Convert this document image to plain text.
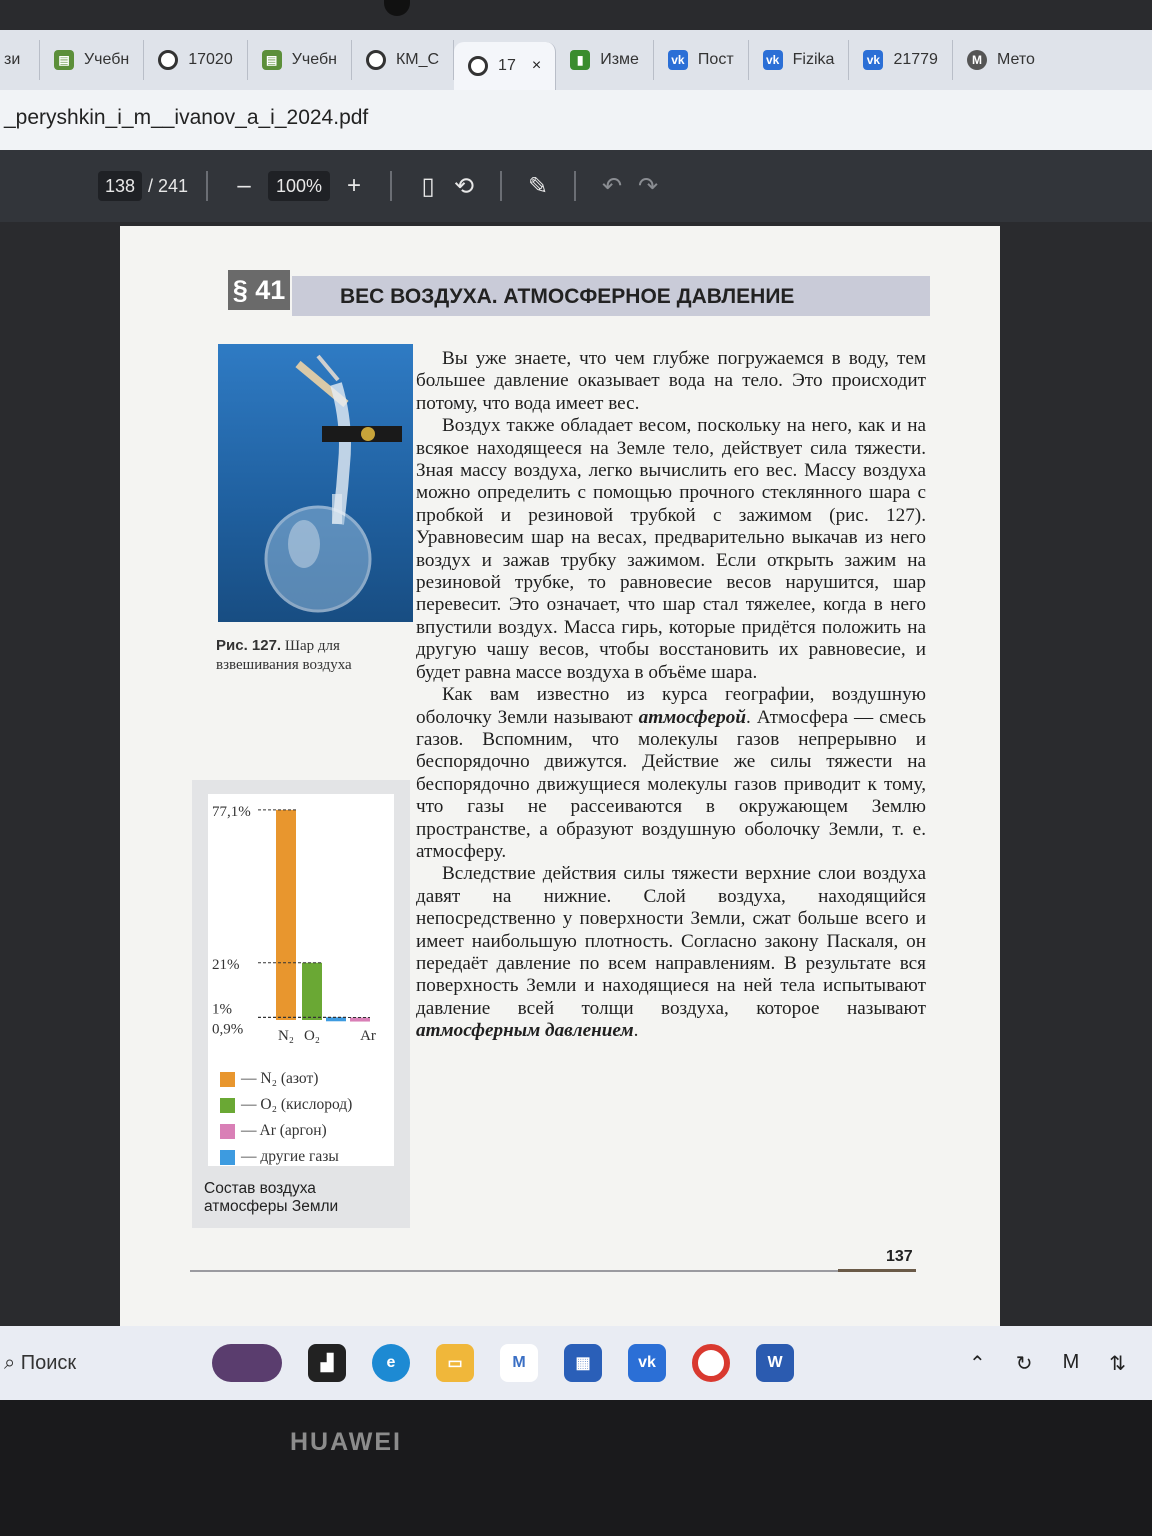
зи	▤ Учебн	17020	▤ Учебн	КМ_С	17 ×	▮	Изме	vk Пост	vk Fizika	vk 21779	M Мето
_peryshkin_i_m__ivanov_a_i_2024.pdf
138 / 241	–	100%	+	▯ ⟲	✎	↶ ↷
§ 41	ВЕС ВОЗДУХА. АТМОСФЕРНОЕ ДАВЛЕНИЕ
Рис. 127. Шар для взвешивания воздуха

Вы уже знаете, что чем глубже погружаемся в воду, тем большее давление оказывает вода на тело. Это происходит потому, что вода имеет вес.

Воздух также обладает весом, поскольку на него, как и на всякое находящееся на Земле тело, действует сила тяжести. Зная массу воздуха, легко вычислить его вес. Массу воздуха можно определить с помощью прочного стеклянного шара с пробкой и резиновой трубкой с зажимом (рис. 127). Уравновесим шар на весах, предварительно выкачав из него воздух и зажав трубку зажимом. Если открыть зажим на резиновой трубке, то равновесие весов нарушится, шар перевесит. Это означает, что шар стал тяжелее, когда в него впустили воздух. Масса гирь, которые придётся положить на другую чашу весов, чтобы восстановить их равновесие, и будет равна массе воздуха в объёме шара.

Как вам известно из курса географии, воздушную оболочку Земли называют атмосферой. Атмосфера — смесь газов. Вспомним, что молекулы газов непрерывно и беспорядочно движутся. Действие же силы тяжести на беспорядочно движущиеся молекулы газов приводит к тому, что газы не рассеиваются в окружающем Землю пространстве, а образуют воздушную оболочку Земли, т. е. атмосферу.

Вследствие действия силы тяжести верхние слои воздуха давят на нижние. Слой воздуха, находящийся непосредственно у поверхности Земли, сжат больше всего и имеет наибольшую плотность. Согласно закону Паскаля, он передаёт давление по всем направлениям. В результате вся поверхность Земли и находящиеся на ней тела испытывают давление всей толщи воздуха, которое называют атмосферным давлением.

77,1%
N₂
21%
O₂
1%
0,9%	Ar
— N₂ (азот)
— O₂ (кислород)
— Ar (аргон)
— другие газы
Состав воздуха атмосферы Земли
137
⌕ Поиск	▟	e	▭	M	▦	vk	W	⌃ ↻ M ⇅
HUAWEI
